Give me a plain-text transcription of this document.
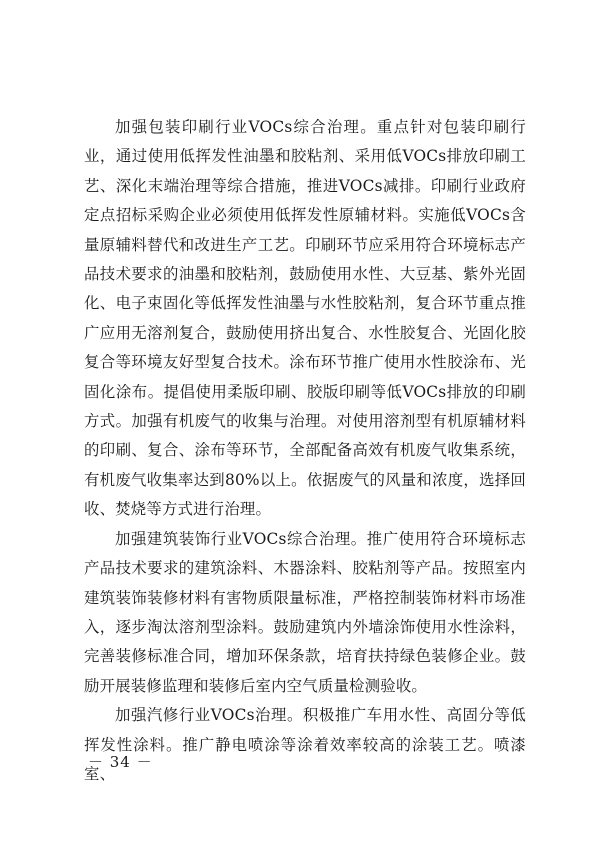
加强包装印刷行业VOCs综合治理。重点针对包装印刷行业，通过使用低挥发性油墨和胶粘剂、采用低VOCs排放印刷工艺、深化末端治理等综合措施，推进VOCs减排。印刷行业政府定点招标采购企业必须使用低挥发性原辅材料。实施低VOCs含量原辅料替代和改进生产工艺。印刷环节应采用符合环境标志产品技术要求的油墨和胶粘剂，鼓励使用水性、大豆基、紫外光固化、电子束固化等低挥发性油墨与水性胶粘剂，复合环节重点推广应用无溶剂复合，鼓励使用挤出复合、水性胶复合、光固化胶复合等环境友好型复合技术。涂布环节推广使用水性胶涂布、光固化涂布。提倡使用柔版印刷、胶版印刷等低VOCs排放的印刷方式。加强有机废气的收集与治理。对使用溶剂型有机原辅材料的印刷、复合、涂布等环节，全部配备高效有机废气收集系统，有机废气收集率达到80%以上。依据废气的风量和浓度，选择回收、焚烧等方式进行治理。

加强建筑装饰行业VOCs综合治理。推广使用符合环境标志产品技术要求的建筑涂料、木器涂料、胶粘剂等产品。按照室内建筑装饰装修材料有害物质限量标准，严格控制装饰材料市场准入，逐步淘汰溶剂型涂料。鼓励建筑内外墙涂饰使用水性涂料，完善装修标准合同，增加环保条款，培育扶持绿色装修企业。鼓励开展装修监理和装修后室内空气质量检测验收。

加强汽修行业VOCs治理。积极推广车用水性、高固分等低挥发性涂料。推广静电喷涂等涂着效率较高的涂装工艺。喷漆室、

－ 34 －
